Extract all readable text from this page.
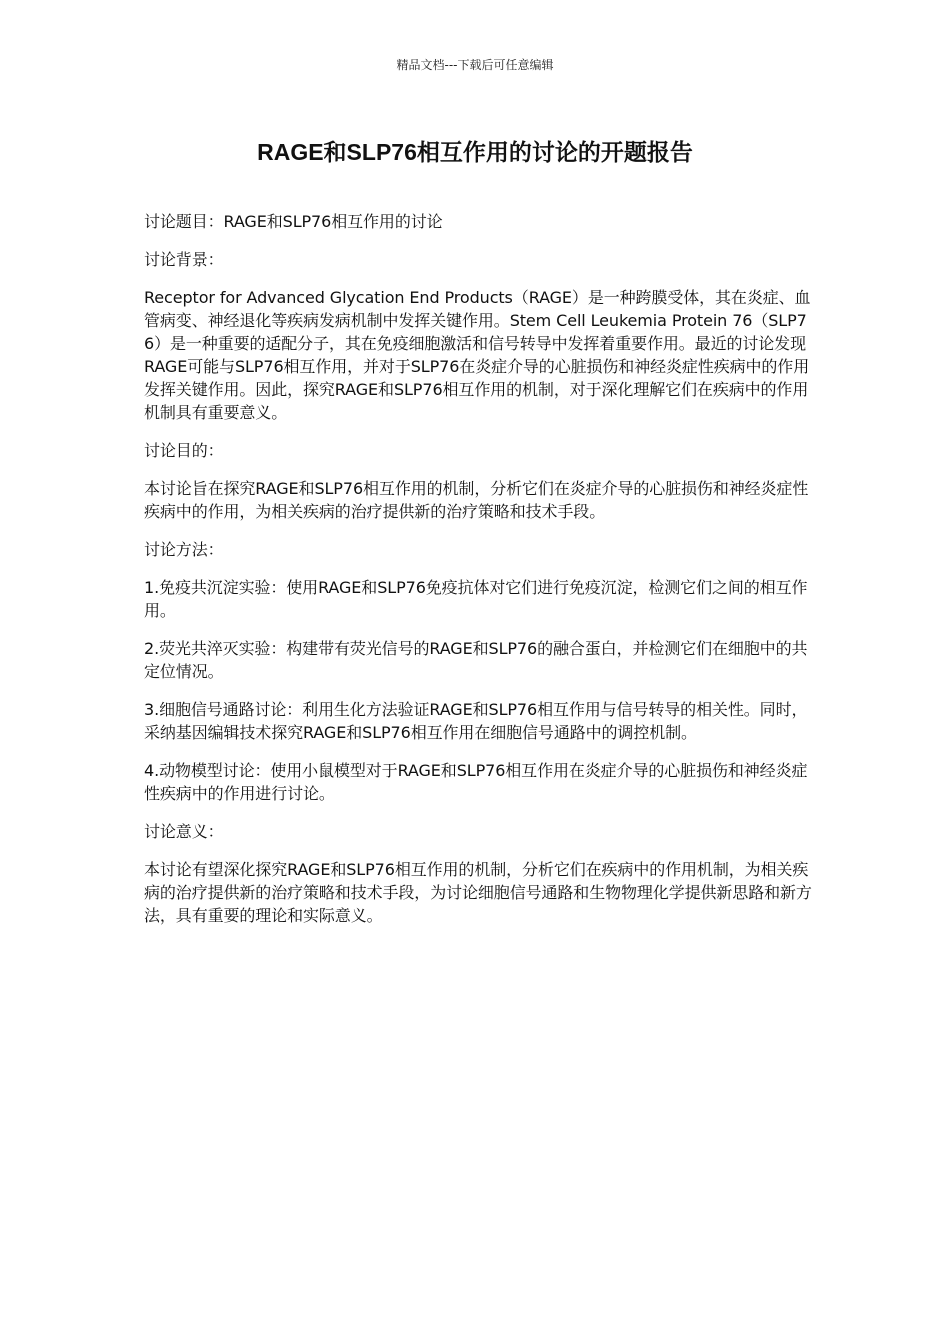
精品文档---下载后可任意编辑
RAGE和SLP76相互作用的讨论的开题报告

讨论题目：RAGE和SLP76相互作用的讨论

讨论背景：

Receptor for Advanced Glycation End Products（RAGE）是一种跨膜受体，其在炎症、血管病变、神经退化等疾病发病机制中发挥关键作用。Stem Cell Leukemia Protein 76（SLP76）是一种重要的适配分子，其在免疫细胞激活和信号转导中发挥着重要作用。最近的讨论发现RAGE可能与SLP76相互作用，并对于SLP76在炎症介导的心脏损伤和神经炎症性疾病中的作用发挥关键作用。因此，探究RAGE和SLP76相互作用的机制，对于深化理解它们在疾病中的作用机制具有重要意义。

讨论目的：

本讨论旨在探究RAGE和SLP76相互作用的机制，分析它们在炎症介导的心脏损伤和神经炎症性疾病中的作用，为相关疾病的治疗提供新的治疗策略和技术手段。

讨论方法：

1.免疫共沉淀实验：使用RAGE和SLP76免疫抗体对它们进行免疫沉淀，检测它们之间的相互作用。

2.荧光共淬灭实验：构建带有荧光信号的RAGE和SLP76的融合蛋白，并检测它们在细胞中的共定位情况。

3.细胞信号通路讨论：利用生化方法验证RAGE和SLP76相互作用与信号转导的相关性。同时，采纳基因编辑技术探究RAGE和SLP76相互作用在细胞信号通路中的调控机制。

4.动物模型讨论：使用小鼠模型对于RAGE和SLP76相互作用在炎症介导的心脏损伤和神经炎症性疾病中的作用进行讨论。

讨论意义：

本讨论有望深化探究RAGE和SLP76相互作用的机制，分析它们在疾病中的作用机制，为相关疾病的治疗提供新的治疗策略和技术手段，为讨论细胞信号通路和生物物理化学提供新思路和新方法，具有重要的理论和实际意义。
